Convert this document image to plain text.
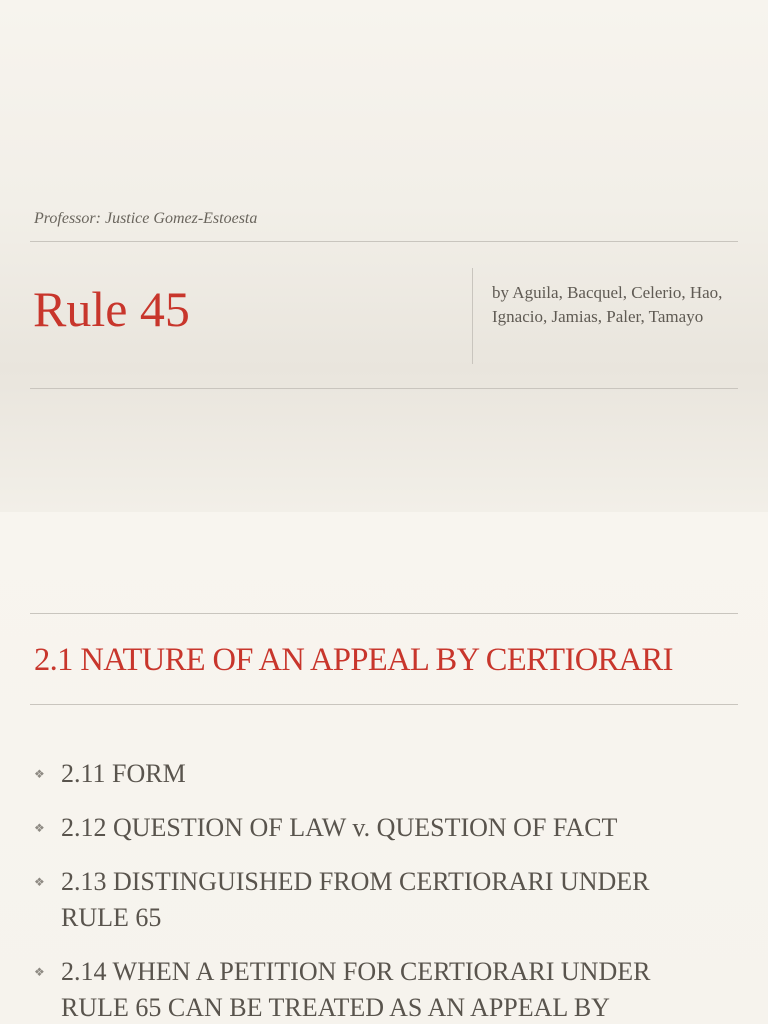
Professor: Justice Gomez-Estoesta

Rule 45	by Aguila, Bacquel, Celerio, Hao, Ignacio, Jamias, Paler, Tamayo

2.1 NATURE OF AN APPEAL BY CERTIORARI
❖ 2.11 FORM
❖ 2.12 QUESTION OF LAW v. QUESTION OF FACT
❖ 2.13 DISTINGUISHED FROM CERTIORARI UNDER RULE 65
❖ 2.14 WHEN A PETITION FOR CERTIORARI UNDER RULE 65 CAN BE TREATED AS AN APPEAL BY
